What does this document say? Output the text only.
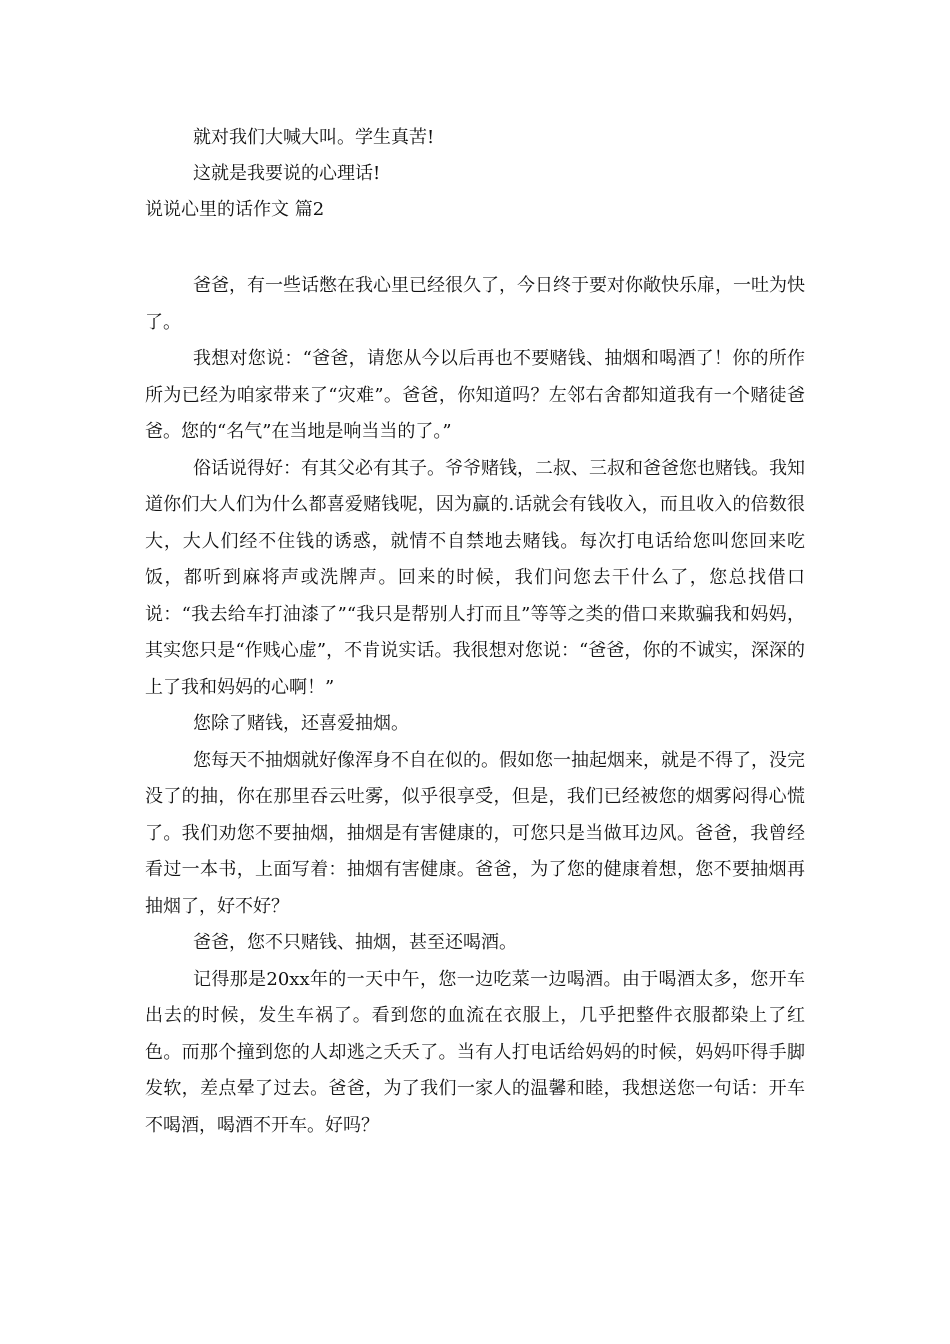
就对我们大喊大叫。学生真苦!

这就是我要说的心理话!

说说心里的话作文 篇2

爸爸，有一些话憋在我心里已经很久了，今日终于要对你敞快乐扉，一吐为快了。

我想对您说：“爸爸，请您从今以后再也不要赌钱、抽烟和喝酒了！你的所作所为已经为咱家带来了“灾难”。爸爸，你知道吗？左邻右舍都知道我有一个赌徒爸爸。您的“名气”在当地是响当当的了。”

俗话说得好：有其父必有其子。爷爷赌钱，二叔、三叔和爸爸您也赌钱。我知道你们大人们为什么都喜爱赌钱呢，因为赢的.话就会有钱收入，而且收入的倍数很大，大人们经不住钱的诱惑，就情不自禁地去赌钱。每次打电话给您叫您回来吃饭，都听到麻将声或洗牌声。回来的时候，我们问您去干什么了，您总找借口说：“我去给车打油漆了”“我只是帮别人打而且”等等之类的借口来欺骗我和妈妈，其实您只是“作贱心虚”，不肯说实话。我很想对您说：“爸爸，你的不诚实，深深的上了我和妈妈的心啊！”

您除了赌钱，还喜爱抽烟。

您每天不抽烟就好像浑身不自在似的。假如您一抽起烟来，就是不得了，没完没了的抽，你在那里吞云吐雾，似乎很享受，但是，我们已经被您的烟雾闷得心慌了。我们劝您不要抽烟，抽烟是有害健康的，可您只是当做耳边风。爸爸，我曾经看过一本书，上面写着：抽烟有害健康。爸爸，为了您的健康着想，您不要抽烟再抽烟了，好不好？

爸爸，您不只赌钱、抽烟，甚至还喝酒。

记得那是20xx年的一天中午，您一边吃菜一边喝酒。由于喝酒太多，您开车出去的时候，发生车祸了。看到您的血流在衣服上，几乎把整件衣服都染上了红色。而那个撞到您的人却逃之夭夭了。当有人打电话给妈妈的时候，妈妈吓得手脚发软，差点晕了过去。爸爸，为了我们一家人的温馨和睦，我想送您一句话：开车不喝酒，喝酒不开车。好吗？
